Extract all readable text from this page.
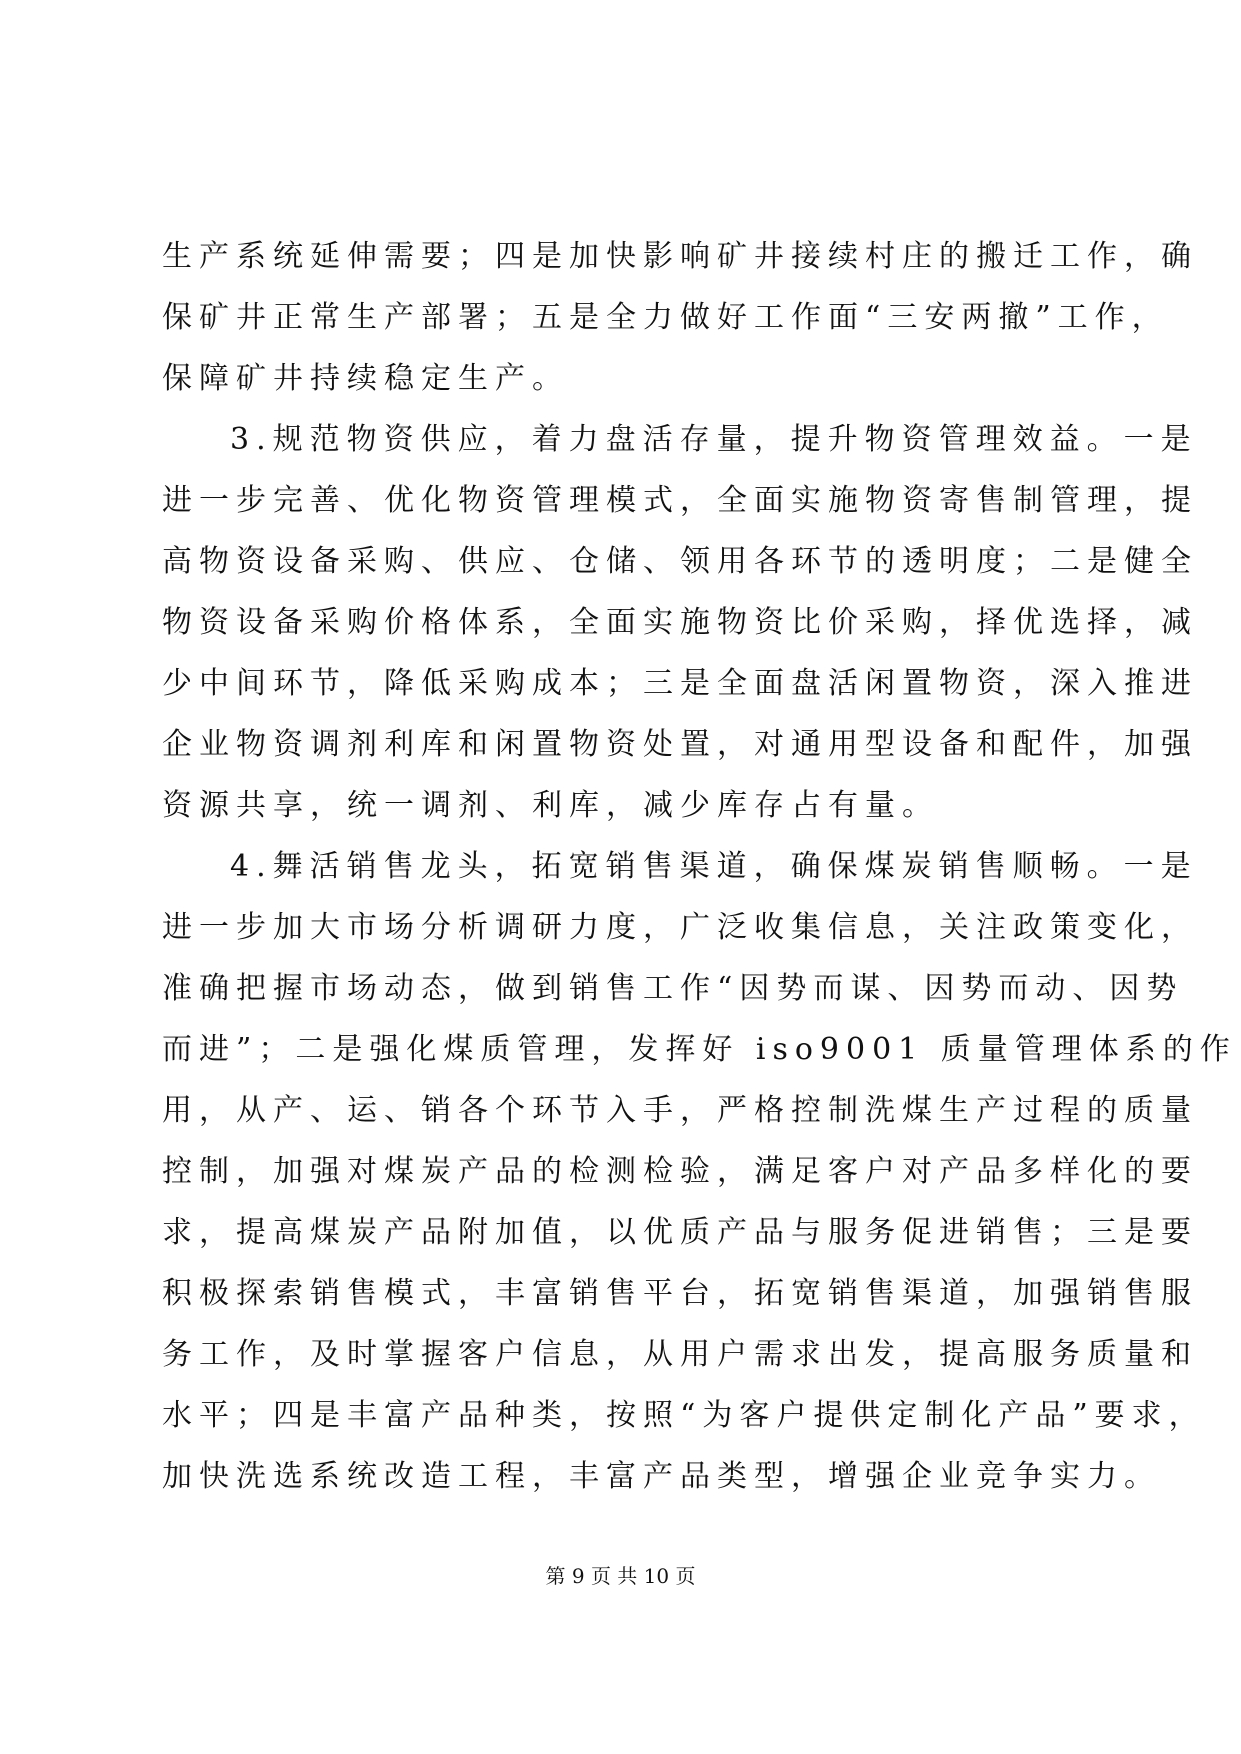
生产系统延伸需要；四是加快影响矿井接续村庄的搬迁工作，确
保矿井正常生产部署；五是全力做好工作面“三安两撤”工作，
保障矿井持续稳定生产。
3.规范物资供应，着力盘活存量，提升物资管理效益。一是
进一步完善、优化物资管理模式，全面实施物资寄售制管理，提
高物资设备采购、供应、仓储、领用各环节的透明度；二是健全
物资设备采购价格体系，全面实施物资比价采购，择优选择，减
少中间环节，降低采购成本；三是全面盘活闲置物资，深入推进
企业物资调剂利库和闲置物资处置，对通用型设备和配件，加强
资源共享，统一调剂、利库，减少库存占有量。
4.舞活销售龙头，拓宽销售渠道，确保煤炭销售顺畅。一是
进一步加大市场分析调研力度，广泛收集信息，关注政策变化，
准确把握市场动态，做到销售工作“因势而谋、因势而动、因势
而进”；二是强化煤质管理，发挥好 iso9001 质量管理体系的作
用，从产、运、销各个环节入手，严格控制洗煤生产过程的质量
控制，加强对煤炭产品的检测检验，满足客户对产品多样化的要
求，提高煤炭产品附加值，以优质产品与服务促进销售；三是要
积极探索销售模式，丰富销售平台，拓宽销售渠道，加强销售服
务工作，及时掌握客户信息，从用户需求出发，提高服务质量和
水平；四是丰富产品种类，按照“为客户提供定制化产品”要求，
加快洗选系统改造工程，丰富产品类型，增强企业竞争实力。
第 9 页 共 10 页
